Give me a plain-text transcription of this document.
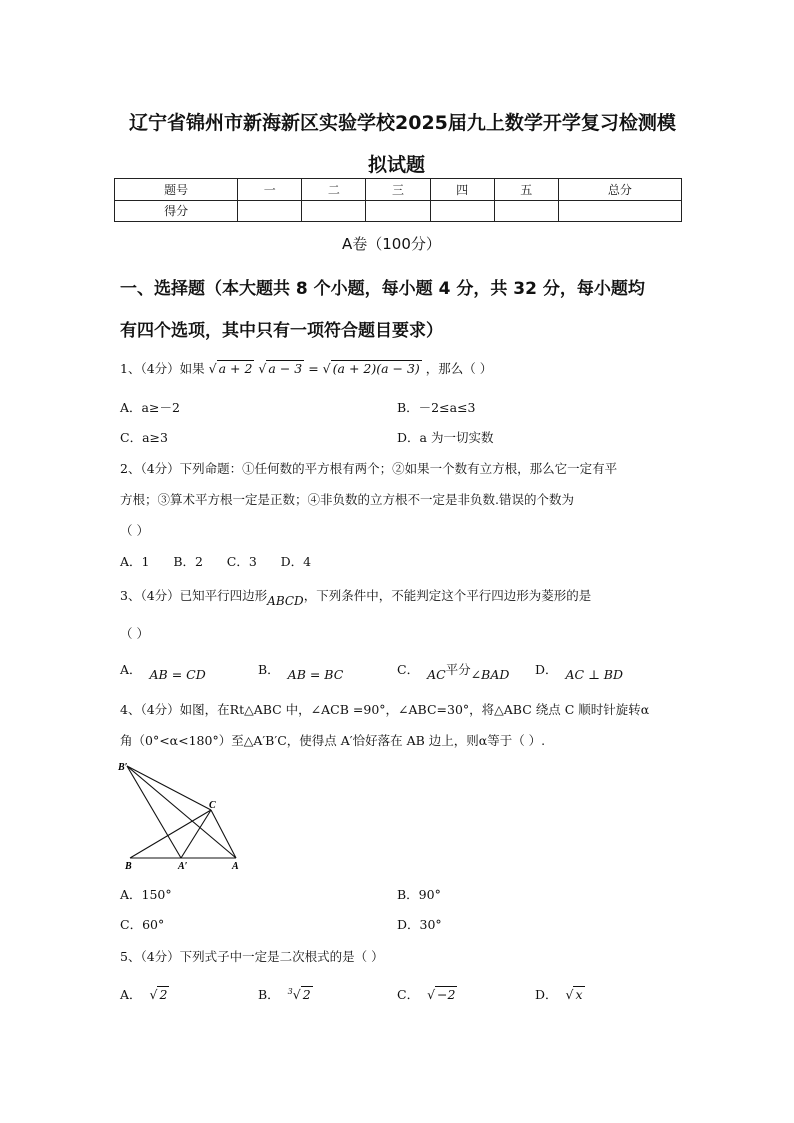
辽宁省锦州市新海新区实验学校2025届九上数学开学复习检测模
拟试题
题号	一	二	三	四	五	总分
得分						
A卷（100分）
一、选择题（本大题共 8 个小题，每小题 4 分，共 32 分，每小题均
有四个选项，其中只有一项符合题目要求）
1、（4分）如果 √ a + 2 √ a − 3 = √ (a + 2)(a − 3) ，那么（ ）
A．a≥－2	B．－2≤a≤3
C．a≥3	D．a 为一切实数
2、（4分）下列命题：①任何数的平方根有两个；②如果一个数有立方根，那么它一定有平
方根；③算术平方根一定是正数；④非负数的立方根不一定是非负数.错误的个数为
（ ）
A．1      B．2      C．3      D．4
3、（4分）已知平行四边形ABCD，下列条件中，不能判定这个平行四边形为菱形的是
（ ）
A． AB = CD	B． AB = BC	C． AC平分∠BAD D． AC ⊥ BD
4、（4分）如图，在Rt△ABC 中，∠ACB =90°，∠ABC=30°，将△ABC 绕点 C 顺时针旋转α
角（0°<α<180°）至△A′B′C，使得点 A′恰好落在 AB 边上，则α等于（ ）.
B′
C
B	A′	A
A．150°	B．90°
C．60°	D．30°
5、（4分）下列式子中一定是二次根式的是（ ）
A． √ 2	B． $^3$√ 2	C． √ −2	D． √ x
